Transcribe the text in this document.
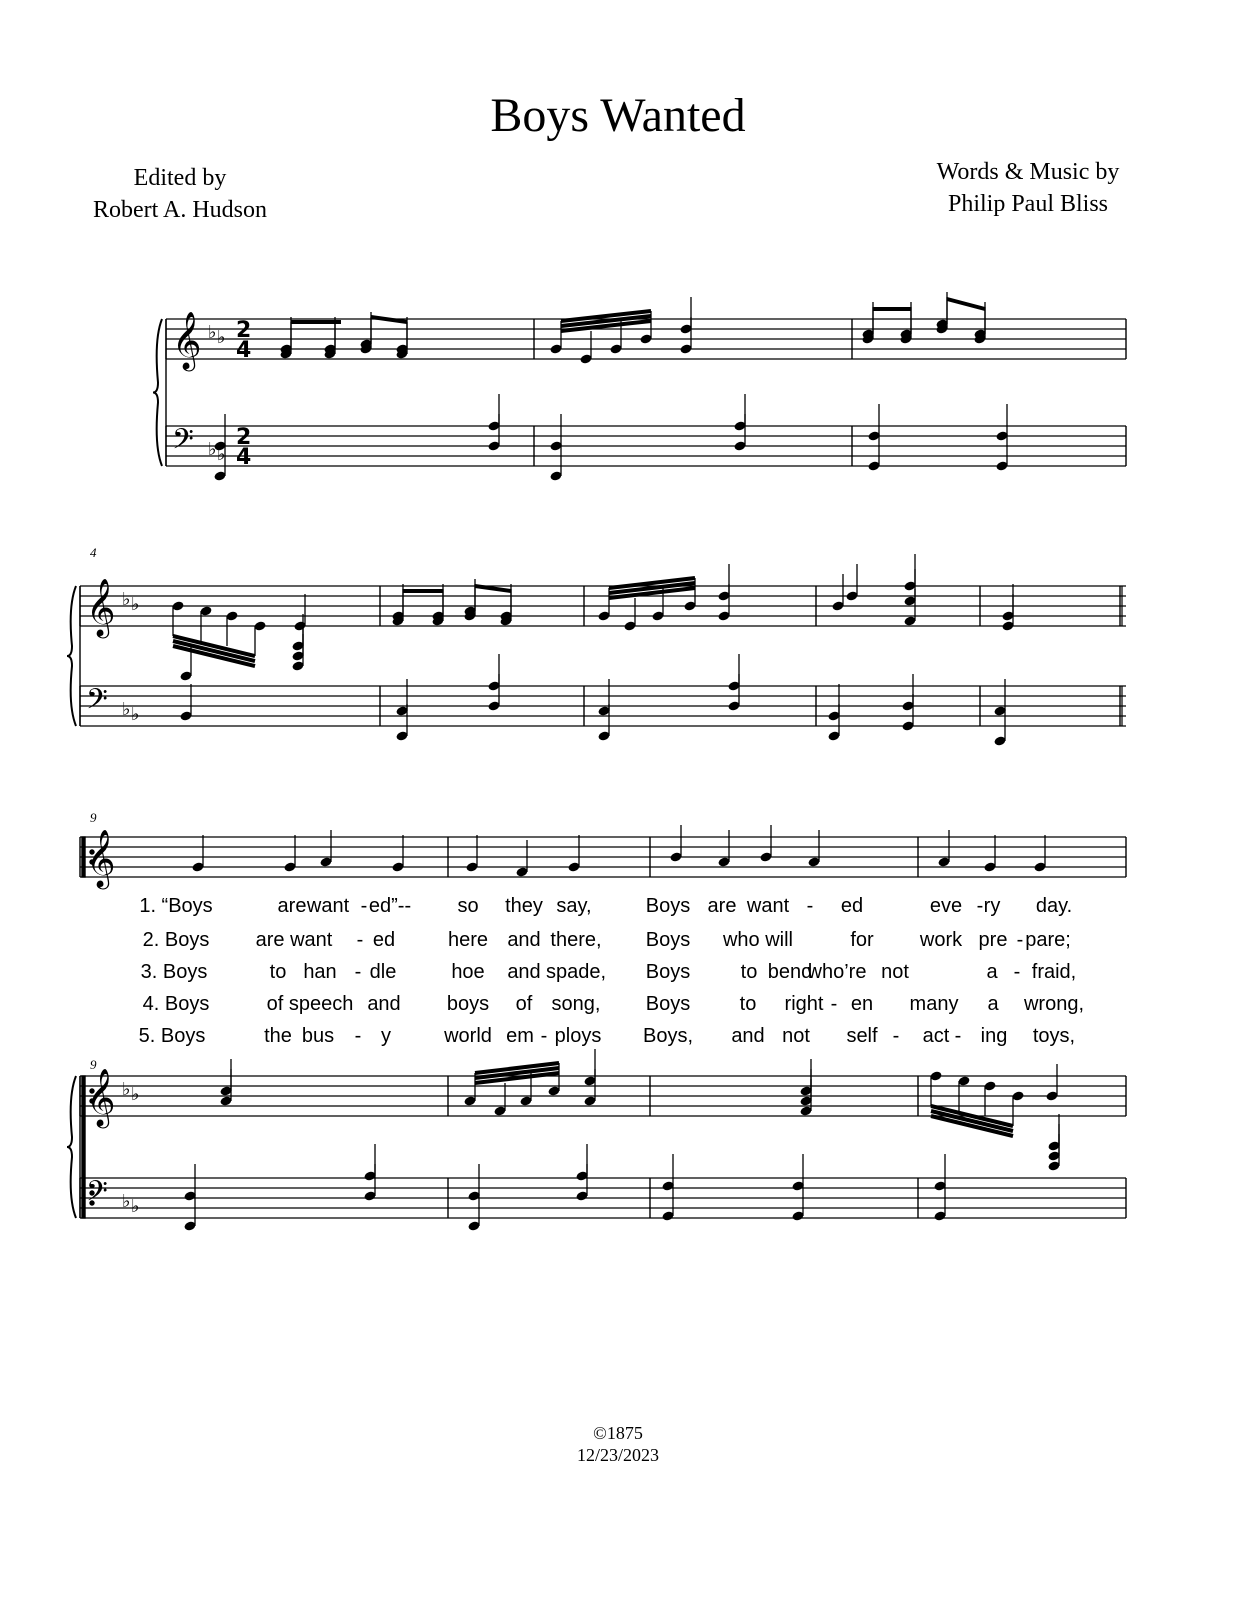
Boys Wanted
Edited by
Robert A. Hudson
Words & Music by
Philip Paul Bliss
𝄞
𝄞
𝄢
♭ ♭
♭ ♭
2
4
2
4
𝄞
𝄢
♭ ♭
♭ ♭
𝄞
𝄢
♭ ♭
♭ ♭
4
9
9
1. “Boys	are want - ed”-- so they say,	Boys are want - ed	eve - ry day.
2. Boys are want - ed	here and there, Boys who will	for work pre - pare;
3. Boys	to han - dle	hoe and spade, Boys	to bend
who’re not	a - fraid,
4. Boys	of speech and boys of song, Boys to right - en many a wrong,
5. Boys	the bus - y	world em - ploys Boys, and not self - act - ing toys,
©1875
12/23/2023
